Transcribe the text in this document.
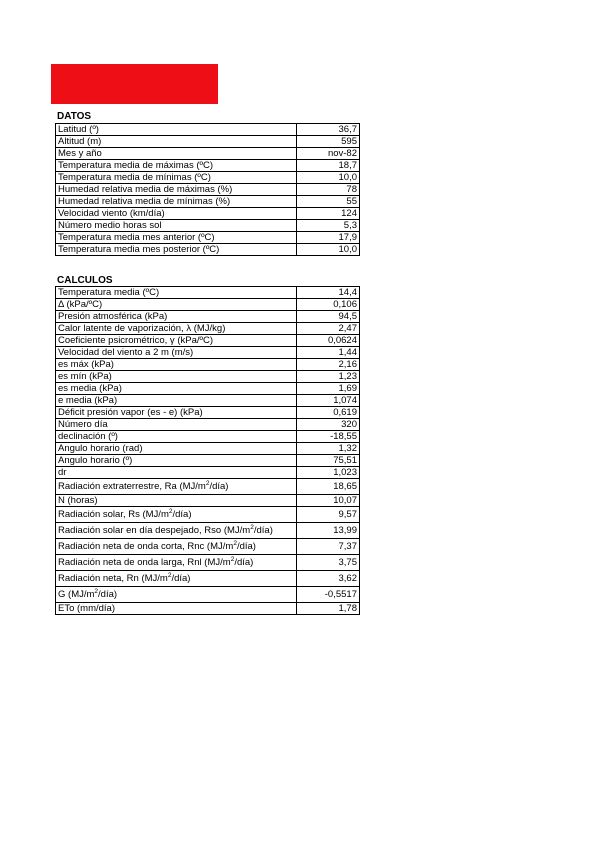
DATOS
Latitud (º)	36,7
Altitud (m)	595
Mes y año	nov-82
Temperatura media de máximas (ºC)	18,7
Temperatura media de mínimas (ºC)	10,0
Humedad relativa media de máximas (%)	78
Humedad relativa media de mínimas (%)	55
Velocidad viento (km/día)	124
Número medio horas sol	5,3
Temperatura media mes anterior (ºC)	17,9
Temperatura media mes posterior (ºC)	10,0
CALCULOS
Temperatura media (ºC)	14,4
Δ (kPa/ºC)	0,106
Presión atmosférica (kPa)	94,5
Calor latente de vaporización, λ (MJ/kg)	2,47
Coeficiente psicrométrico, γ (kPa/ºC)	0,0624
Velocidad del viento a 2 m (m/s)	1,44
es máx (kPa)	2,16
es mín (kPa)	1,23
es media (kPa)	1,69
e media (kPa)	1,074
Déficit presión vapor (es - e) (kPa)	0,619
Número día	320
declinación (º)	-18,55
Angulo horario (rad)	1,32
Angulo horario (º)	75,51
dr	1,023
Radiación extraterrestre, Ra $(MJ/m^2/día)$	18,65
N (horas)	10,07
Radiación solar, Rs $(MJ/m^2/día)$	9,57
Radiación solar en día despejado, Rso $(MJ/m^2/día)$	13,99
Radiación neta de onda corta, Rnc $(MJ/m^2/día)$	7,37
Radiación neta de onda larga, Rnl $(MJ/m^2/día)$	3,75
Radiación neta, Rn $(MJ/m^2/día)$	3,62
G $(MJ/m^2/día)$	-0,5517
ETo (mm/día)	1,78
